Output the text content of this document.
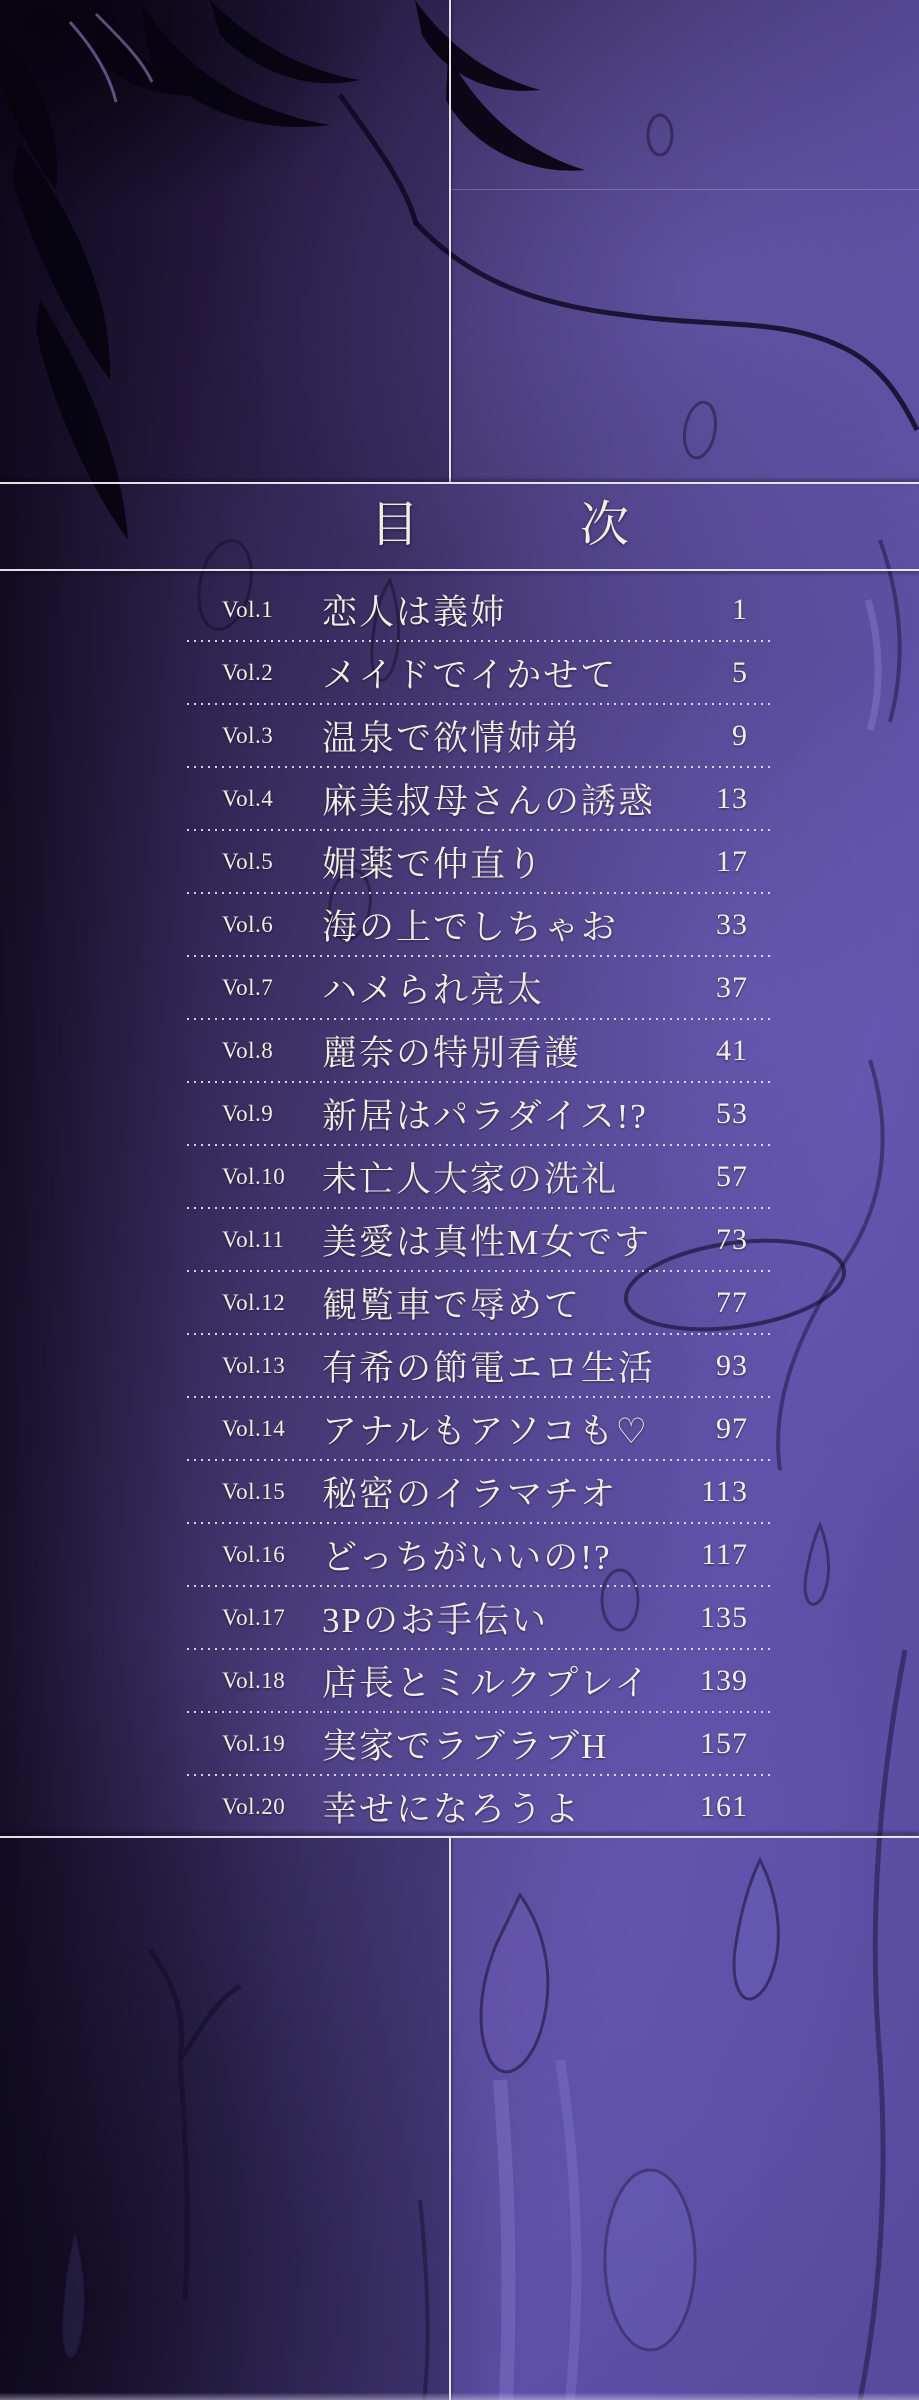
目　次
Vol.1	恋人は義姉	1
Vol.2	メイドでイかせて	5
Vol.3	温泉で欲情姉弟	9
Vol.4	麻美叔母さんの誘惑 13
Vol.5	媚薬で仲直り	17
Vol.6	海の上でしちゃお	33
Vol.7	ハメられ亮太	37
Vol.8	麗奈の特別看護	41
Vol.9	新居はパラダイス!? 53
Vol.10	未亡人大家の洗礼	57
Vol.11	美愛は真性M女です 73
Vol.12	観覧車で辱めて	77
Vol.13	有希の節電エロ生活 93
Vol.14	アナルもアソコも♡ 97
Vol.15	秘密のイラマチオ	113
Vol.16	どっちがいいの!?	117
Vol.17	3Pのお手伝い	135
Vol.18	店長とミルクプレイ 139
Vol.19	実家でラブラブH	157
Vol.20	幸せになろうよ	161
